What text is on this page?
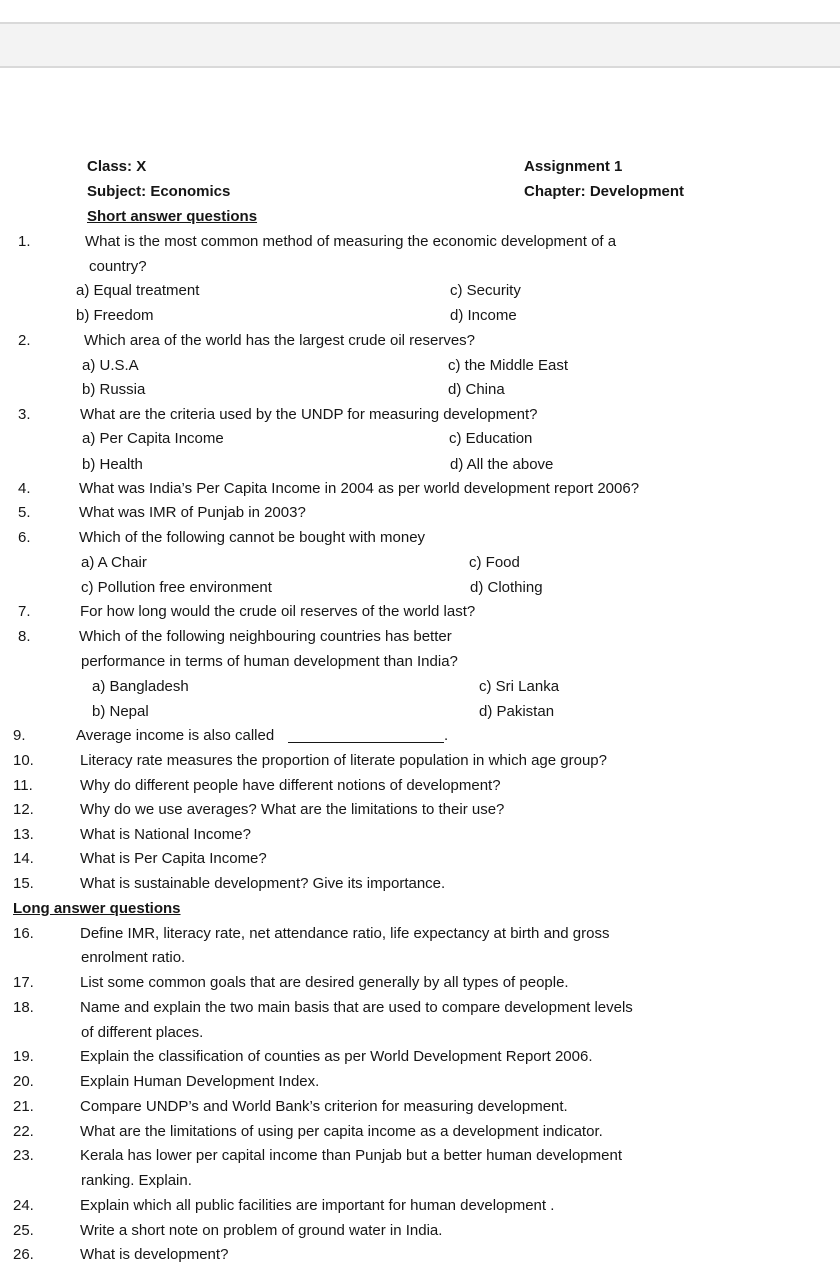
Class: X	Assignment 1
Subject: Economics	Chapter: Development
Short answer questions
1.	What is the most common method of measuring the economic development of a
country?
a) Equal treatment	c) Security
b) Freedom	d) Income
2.	Which area of the world has the largest crude oil reserves?
a) U.S.A	c) the Middle East
b) Russia	d) China
3.	What are the criteria used by the UNDP for measuring development?
a) Per Capita Income	c) Education
b) Health	d) All the above
4.	What was India’s Per Capita Income in 2004 as per world development report 2006?
5.	What was IMR of Punjab in 2003?
6.	Which of the following cannot be bought with money
a) A Chair	c) Food
c) Pollution free environment	d) Clothing
7.	For how long would the crude oil reserves of the world last?
8.	Which of the following neighbouring countries has better
performance in terms of human development than India?
a) Bangladesh	c) Sri Lanka
b) Nepal	d) Pakistan
9.	Average income is also called	.
10.	Literacy rate measures the proportion of literate population in which age group?
11.	Why do different people have different notions of development?
12.	Why do we use averages? What are the limitations to their use?
13.	What is National Income?
14.	What is Per Capita Income?
15.	What is sustainable development? Give its importance.
Long answer questions
16.	Define IMR, literacy rate, net attendance ratio, life expectancy at birth and gross
enrolment ratio.
17.	List some common goals that are desired generally by all types of people.
18.	Name and explain the two main basis that are used to compare development levels
of different places.
19.	Explain the classification of counties as per World Development Report 2006.
20.	Explain Human Development Index.
21.	Compare UNDP’s and World Bank’s criterion for measuring development.
22.	What are the limitations of using per capita income as a development indicator.
23.	Kerala has lower per capital income than Punjab but a better human development
ranking. Explain.
24.	Explain which all public facilities are important for human development .
25.	Write a short note on problem of ground water in India.
26.	What is development?
